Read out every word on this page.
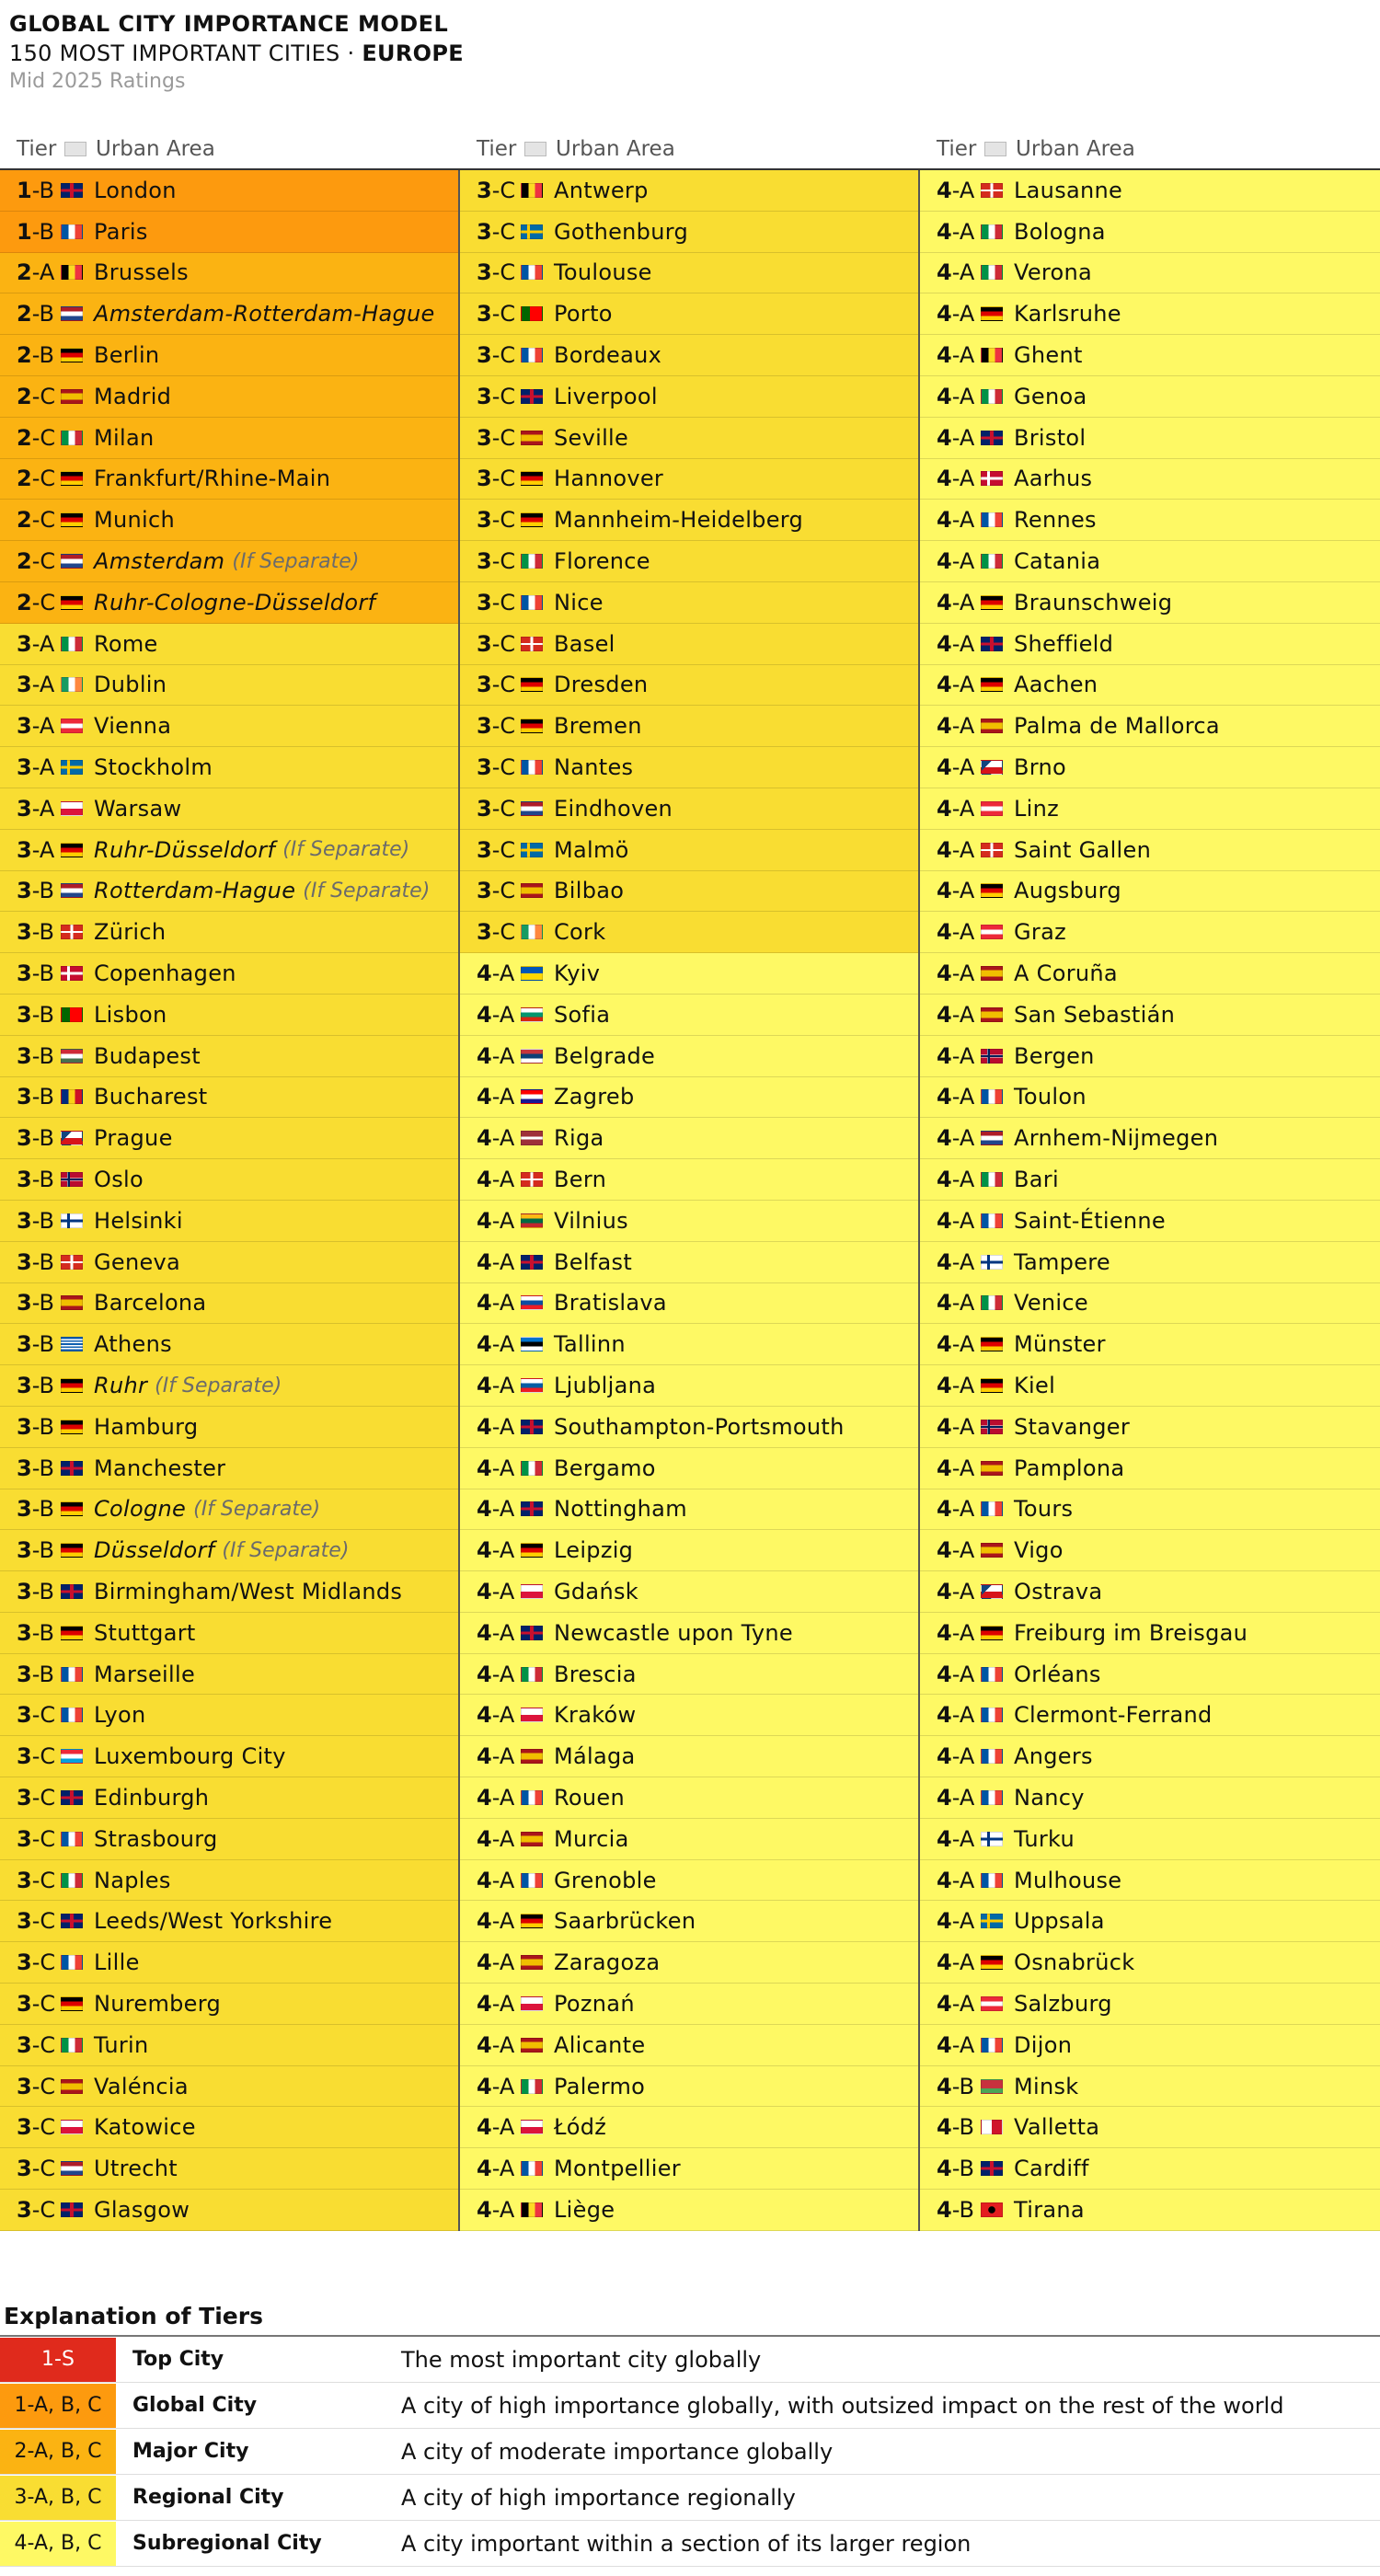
GLOBAL CITY IMPORTANCE MODEL
150 MOST IMPORTANT CITIES · EUROPE
Mid 2025 Ratings
Tier Urban Area	Tier Urban Area	Tier Urban Area
1-B London
1-B Paris
2-A Brussels
2-B Amsterdam-Rotterdam-Hague
2-B Berlin
2-C Madrid
2-C Milan
2-C Frankfurt/Rhine-Main
2-C Munich
2-C Amsterdam (If Separate)
2-C Ruhr-Cologne-Düsseldorf
3-A Rome
3-A Dublin
3-A Vienna
3-A Stockholm
3-A Warsaw
3-A Ruhr-Düsseldorf (If Separate)
3-B Rotterdam-Hague (If Separate)
3-B Zürich
3-B Copenhagen
3-B Lisbon
3-B Budapest
3-B Bucharest
3-B Prague
3-B Oslo
3-B Helsinki
3-B Geneva
3-B Barcelona
3-B Athens
3-B Ruhr (If Separate)
3-B Hamburg
3-B Manchester
3-B Cologne (If Separate)
3-B Düsseldorf (If Separate)
3-B Birmingham/West Midlands
3-B Stuttgart
3-B Marseille
3-C Lyon
3-C Luxembourg City
3-C Edinburgh
3-C Strasbourg
3-C Naples
3-C Leeds/West Yorkshire
3-C Lille
3-C Nuremberg
3-C Turin
3-C Valéncia
3-C Katowice
3-C Utrecht
3-C Glasgow
3-C Antwerp
3-C Gothenburg
3-C Toulouse
3-C Porto
3-C Bordeaux
3-C Liverpool
3-C Seville
3-C Hannover
3-C Mannheim-Heidelberg
3-C Florence
3-C Nice
3-C Basel
3-C Dresden
3-C Bremen
3-C Nantes
3-C Eindhoven
3-C Malmö
3-C Bilbao
3-C Cork
4-A Kyiv
4-A Sofia
4-A Belgrade
4-A Zagreb
4-A Riga
4-A Bern
4-A Vilnius
4-A Belfast
4-A Bratislava
4-A Tallinn
4-A Ljubljana
4-A Southampton-Portsmouth
4-A Bergamo
4-A Nottingham
4-A Leipzig
4-A Gdańsk
4-A Newcastle upon Tyne
4-A Brescia
4-A Kraków
4-A Málaga
4-A Rouen
4-A Murcia
4-A Grenoble
4-A Saarbrücken
4-A Zaragoza
4-A Poznań
4-A Alicante
4-A Palermo
4-A Łódź
4-A Montpellier
4-A Liège
4-A Lausanne
4-A Bologna
4-A Verona
4-A Karlsruhe
4-A Ghent
4-A Genoa
4-A Bristol
4-A Aarhus
4-A Rennes
4-A Catania
4-A Braunschweig
4-A Sheffield
4-A Aachen
4-A Palma de Mallorca
4-A Brno
4-A Linz
4-A Saint Gallen
4-A Augsburg
4-A Graz
4-A A Coruña
4-A San Sebastián
4-A Bergen
4-A Toulon
4-A Arnhem-Nijmegen
4-A Bari
4-A Saint-Étienne
4-A Tampere
4-A Venice
4-A Münster
4-A Kiel
4-A Stavanger
4-A Pamplona
4-A Tours
4-A Vigo
4-A Ostrava
4-A Freiburg im Breisgau
4-A Orléans
4-A Clermont-Ferrand
4-A Angers
4-A Nancy
4-A Turku
4-A Mulhouse
4-A Uppsala
4-A Osnabrück
4-A Salzburg
4-A Dijon
4-B Minsk
4-B Valletta
4-B Cardiff
4-B Tirana
Explanation of Tiers
1-S	Top City	The most important city globally
1-A, B, C	Global City	A city of high importance globally, with outsized impact on the rest of the world
2-A, B, C	Major City	A city of moderate importance globally
3-A, B, C	Regional City	A city of high importance regionally
4-A, B, C	Subregional City	A city important within a section of its larger region
